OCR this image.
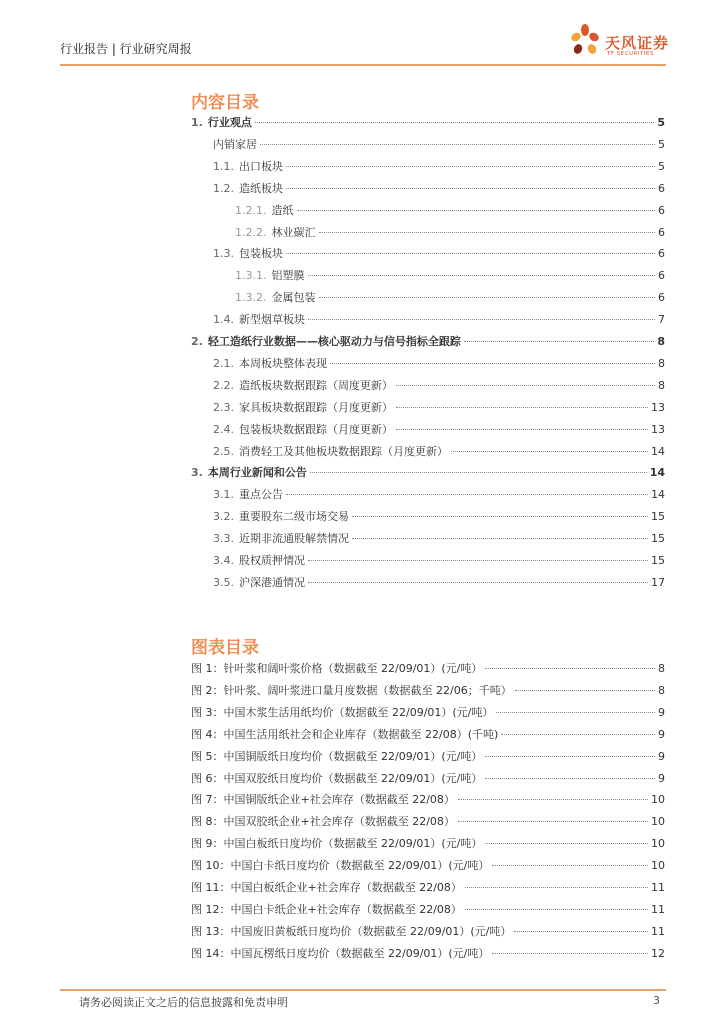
行业报告 | 行业研究周报	天风证券
TF SECURITIES
内容目录
1. 行业观点	5
内销家居	5
1.1. 出口板块	5
1.2. 造纸板块	6
1.2.1. 造纸	6
1.2.2. 林业碳汇	6
1.3. 包装板块	6
1.3.1. 铝塑膜	6
1.3.2. 金属包装	6
1.4. 新型烟草板块	7
2. 轻工造纸行业数据——核心驱动力与信号指标全跟踪	8
2.1. 本周板块整体表现	8
2.2. 造纸板块数据跟踪（周度更新）	8
2.3. 家具板块数据跟踪（月度更新）	13
2.4. 包装板块数据跟踪（月度更新）	13
2.5. 消费轻工及其他板块数据跟踪（月度更新）	14
3. 本周行业新闻和公告	14
3.1. 重点公告	14
3.2. 重要股东二级市场交易	15
3.3. 近期非流通股解禁情况	15
3.4. 股权质押情况	15
3.5. 沪深港通情况	17
图表目录
图 1：针叶浆和阔叶浆价格（数据截至 22/09/01）(元/吨）	8
图 2：针叶浆、阔叶浆进口量月度数据（数据截至 22/06；千吨）	8
图 3：中国木浆生活用纸均价（数据截至 22/09/01）(元/吨）	9
图 4：中国生活用纸社会和企业库存（数据截至 22/08）(千吨)	9
图 5：中国铜版纸日度均价（数据截至 22/09/01）(元/吨）	9
图 6：中国双胶纸日度均价（数据截至 22/09/01）(元/吨）	9
图 7：中国铜版纸企业+社会库存（数据截至 22/08）	10
图 8：中国双胶纸企业+社会库存（数据截至 22/08）	10
图 9：中国白板纸日度均价（数据截至 22/09/01）(元/吨）	10
图 10：中国白卡纸日度均价（数据截至 22/09/01）(元/吨）	10
图 11：中国白板纸企业+社会库存（数据截至 22/08）	11
图 12：中国白卡纸企业+社会库存（数据截至 22/08）	11
图 13：中国废旧黄板纸日度均价（数据截至 22/09/01）(元/吨）	11
图 14：中国瓦楞纸日度均价（数据截至 22/09/01）(元/吨）	12
请务必阅读正文之后的信息披露和免责申明	3
